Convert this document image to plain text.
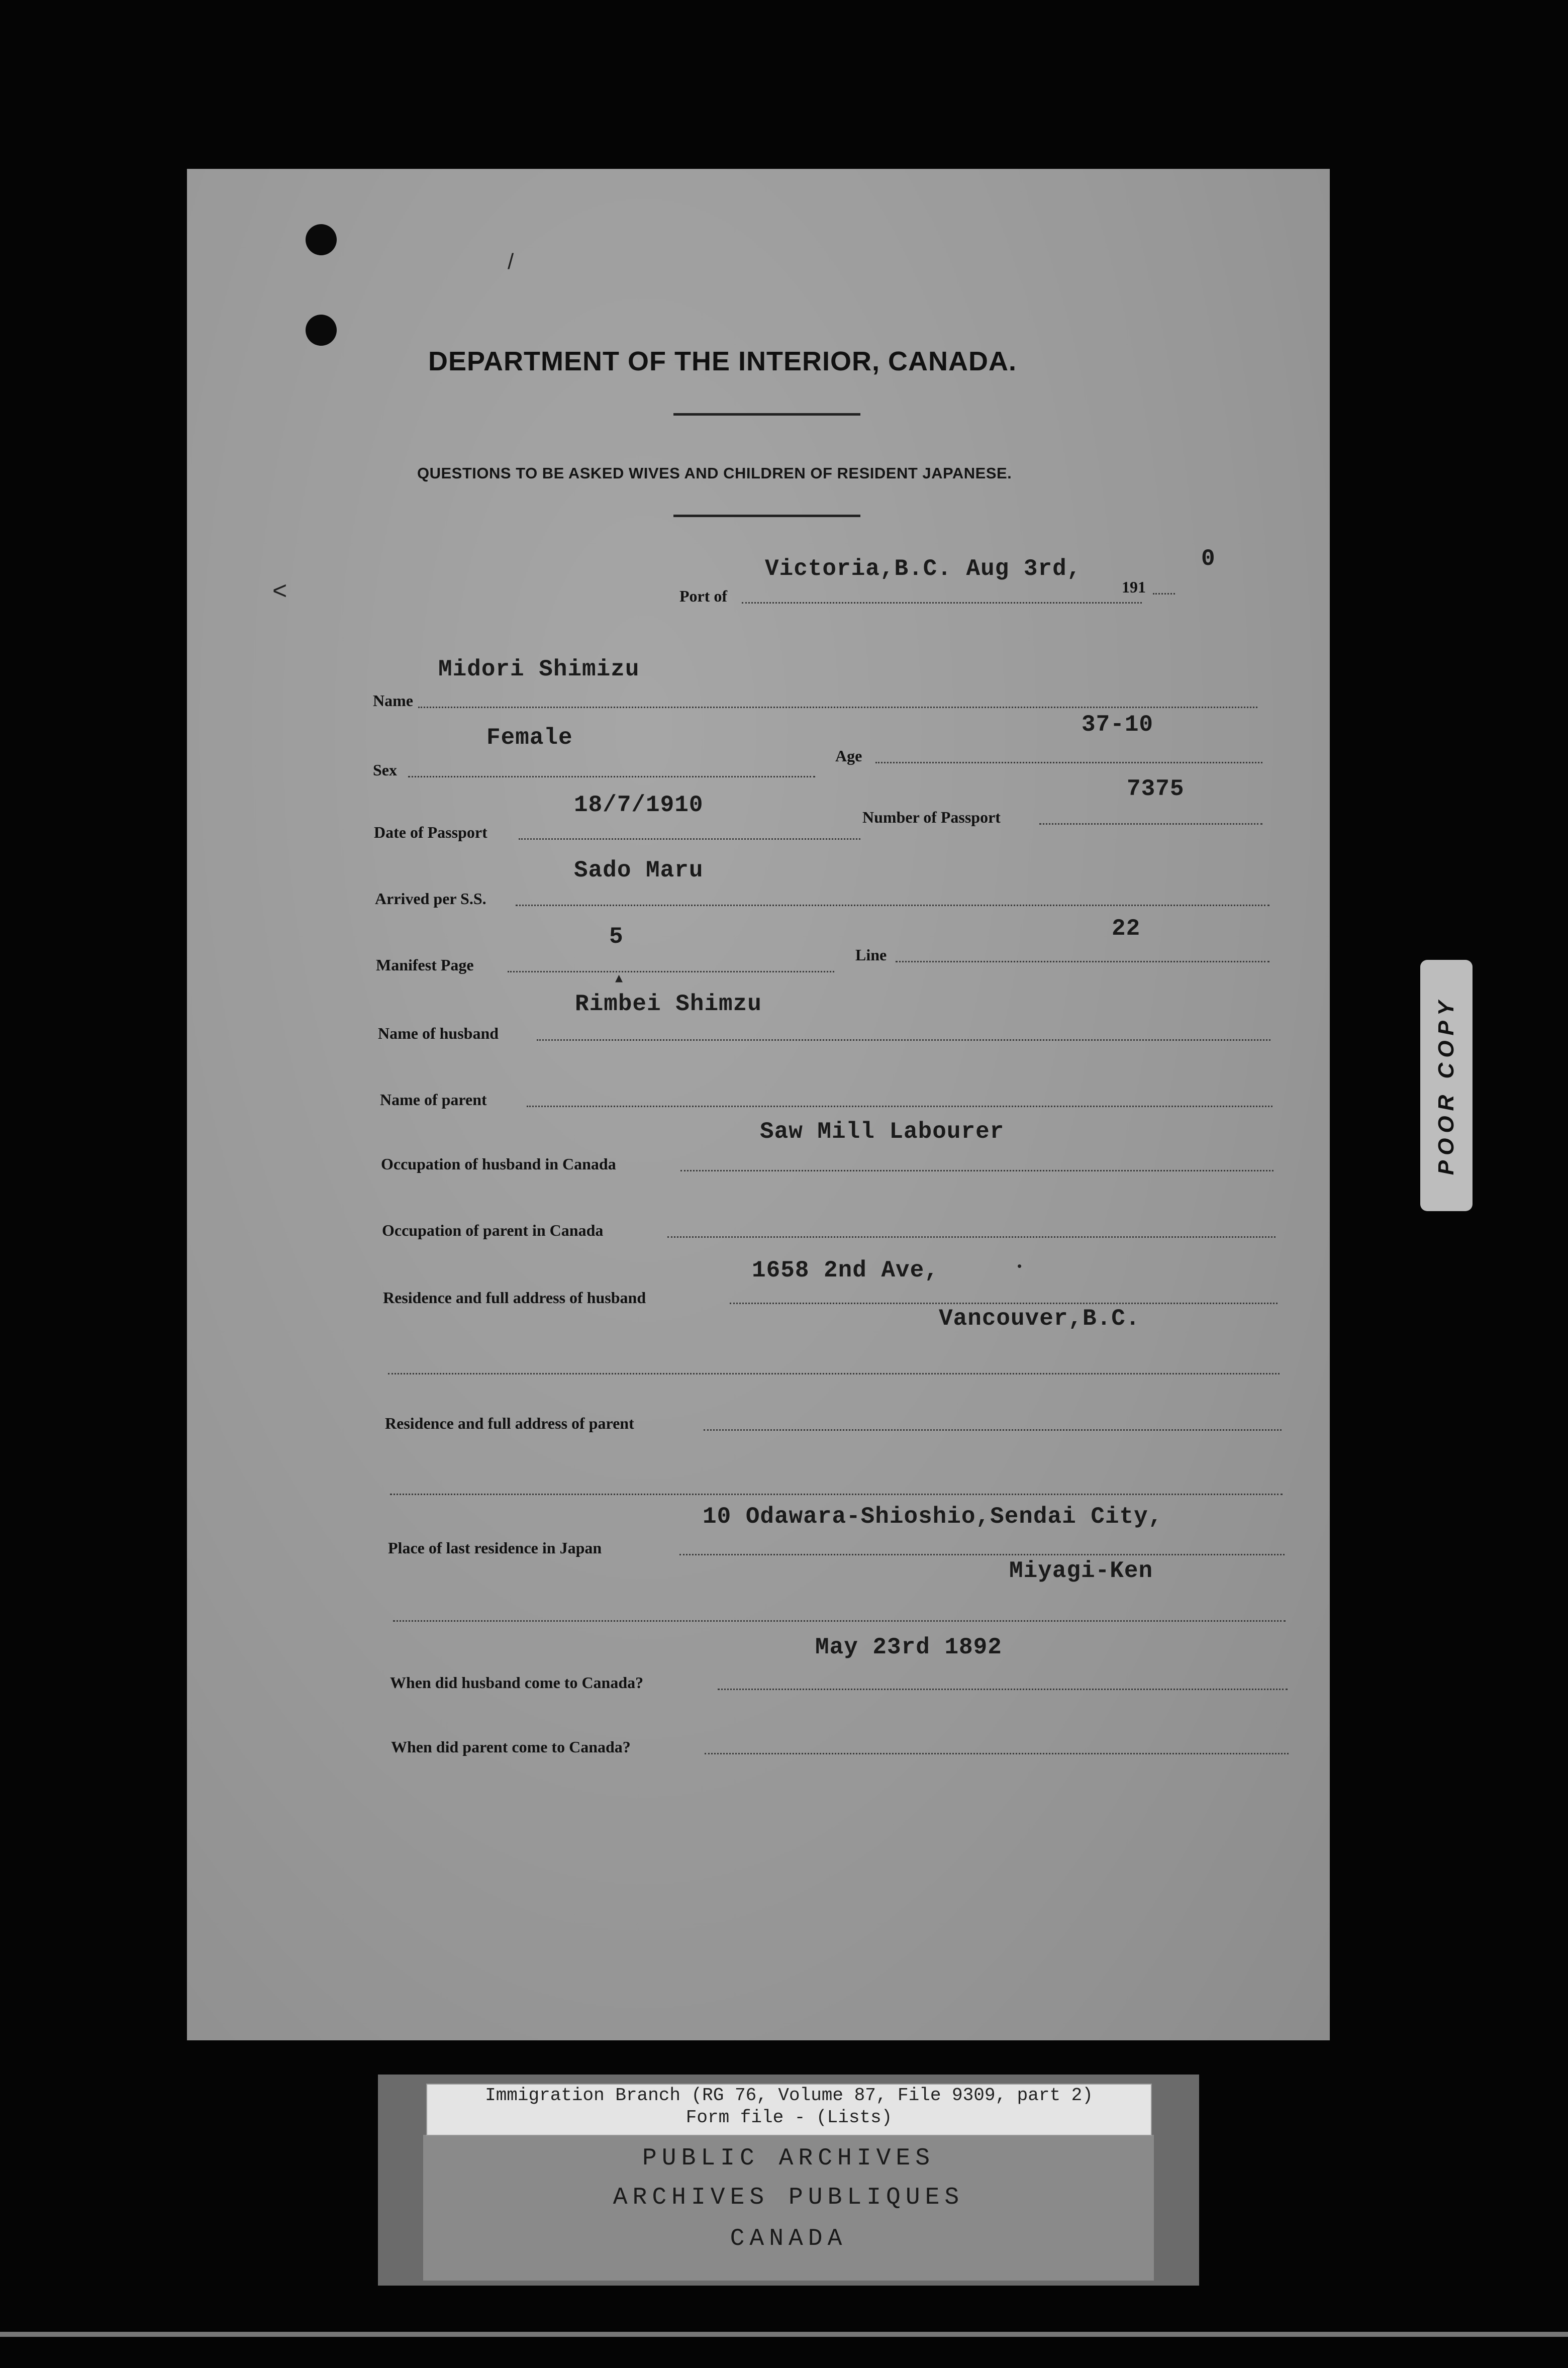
/
<
DEPARTMENT OF THE INTERIOR, CANADA.
QUESTIONS TO BE ASKED WIVES AND CHILDREN OF RESIDENT JAPANESE.
Port of
Victoria,B.C. Aug 3rd,
191
0
Name
Midori Shimizu
Sex
Female
Age
37-10
Date of Passport
18/7/1910	Number of Passport
7375
Arrived per S.S.
Sado Maru
Manifest Page
5
Line
22
▴
Name of husband
Rimbei Shimzu
Name of parent
Occupation of husband in Canada
Saw Mill Labourer
Occupation of parent in Canada
Residence and full address of husband
1658 2nd Ave,	•
Vancouver,B.C.
Residence and full address of parent
Place of last residence in Japan
10 Odawara-Shioshio,Sendai City,
Miyagi-Ken
When did husband come to Canada?
May 23rd 1892
When did parent come to Canada?
POOR COPY
Immigration Branch (RG 76, Volume 87, File 9309, part 2)
Form file - (Lists)
PUBLIC ARCHIVES
ARCHIVES PUBLIQUES
CANADA
